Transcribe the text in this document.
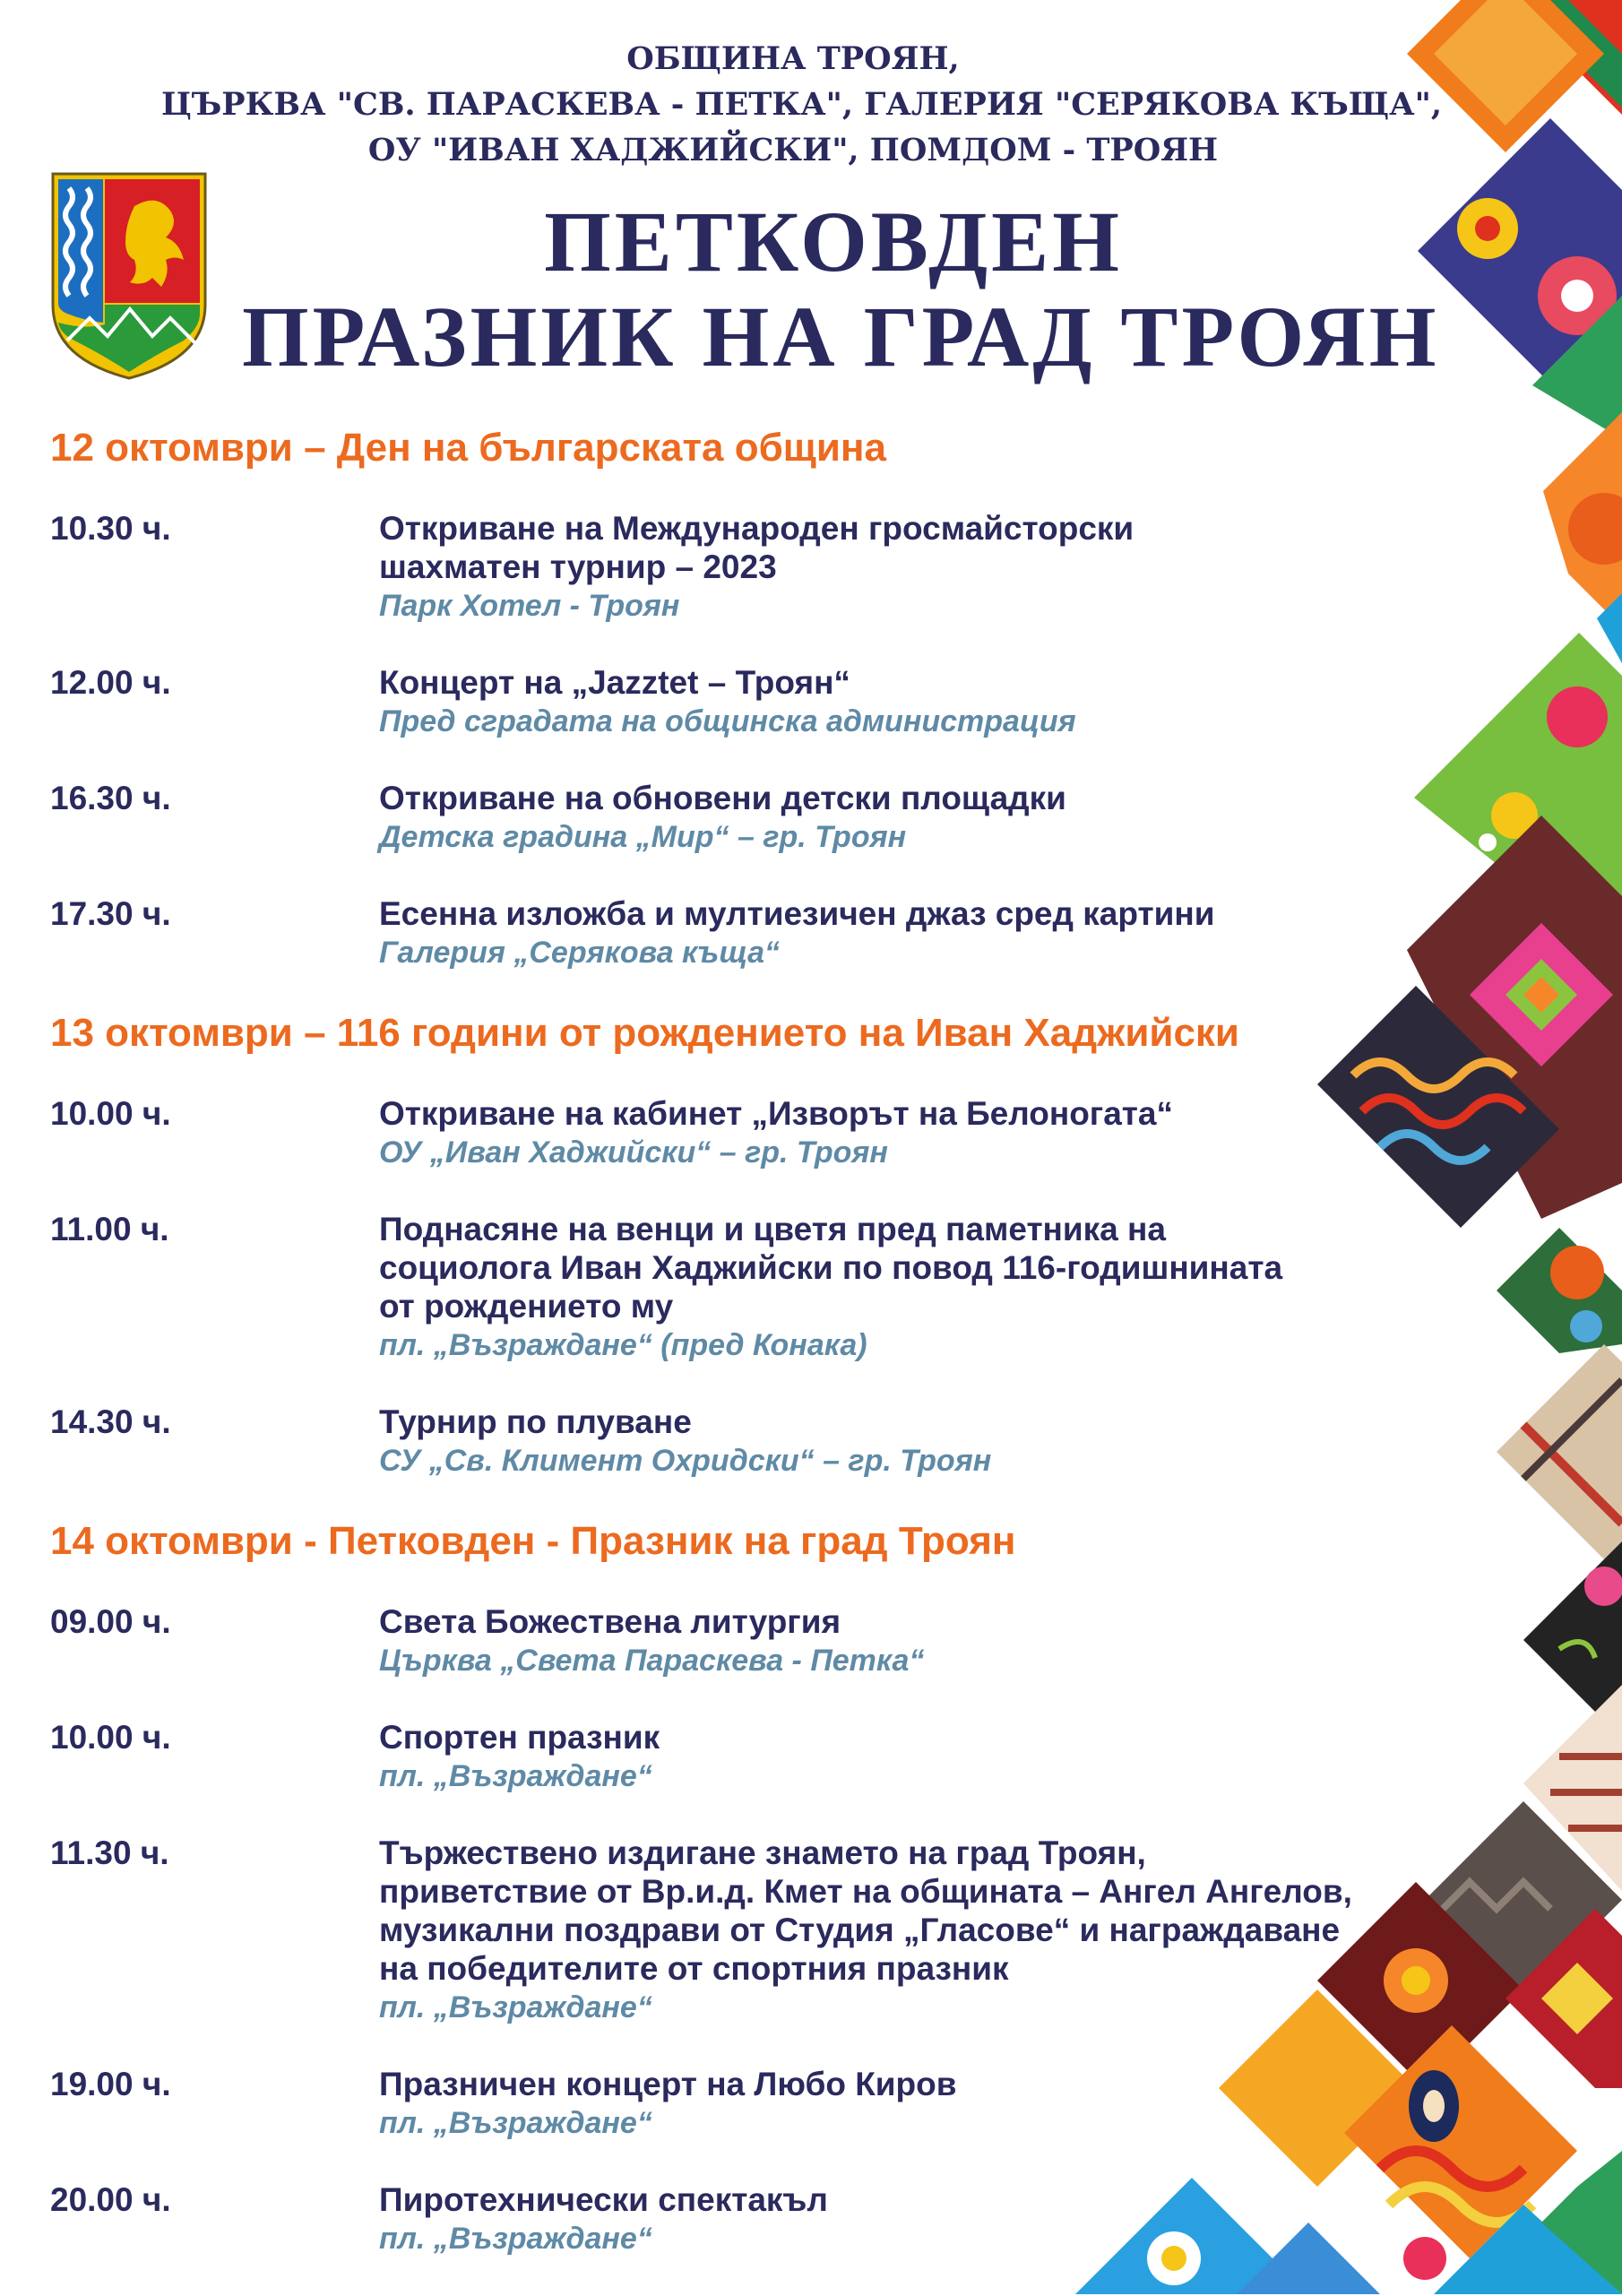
ОБЩИНА ТРОЯН,
ЦЪРКВА "СВ. ПАРАСКЕВА - ПЕТКА", ГАЛЕРИЯ "СЕРЯКОВА КЪЩА",
ОУ "ИВАН ХАДЖИЙСКИ", ПОМДОМ - ТРОЯН
ПЕТКОВДЕН
ПРАЗНИК НА ГРАД ТРОЯН
12 октомври – Ден на българската община
10.30 ч.	Откриване на Международен гросмайсторски
шахматен турнир – 2023
Парк Хотел - Троян
12.00 ч.	Концерт на „Jazztet – Троян“
Пред сградата на общинска администрация
16.30 ч.	Откриване на обновени детски площадки
Детска градина „Мир“ – гр. Троян
17.30 ч.	Есенна изложба и мултиезичен джаз сред картини
Галерия „Серякова къща“
13 октомври – 116 години от рождението на Иван Хаджийски
10.00 ч.	Откриване на кабинет „Изворът на Белоногата“
ОУ „Иван Хаджийски“ – гр. Троян
11.00 ч.	Поднасяне на венци и цветя пред паметника на
социолога Иван Хаджийски по повод 116-годишнината
от рождението му
пл. „Възраждане“ (пред Конака)
14.30 ч.	Турнир по плуване
СУ „Св. Климент Охридски“ – гр. Троян
14 октомври - Петковден - Празник на град Троян
09.00 ч.	Света Божествена литургия
Църква „Света Параскева - Петка“
10.00 ч.	Спортен празник
пл. „Възраждане“
11.30 ч.	Тържествено издигане знамето на град Троян,
приветствие от Вр.и.д. Кмет на общината – Ангел Ангелов,
музикални поздрави от Студия „Гласове“ и награждаване
на победителите от спортния празник
пл. „Възраждане“
19.00 ч.	Празничен концерт на Любо Киров
пл. „Възраждане“
20.00 ч.	Пиротехнически спектакъл
пл. „Възраждане“
